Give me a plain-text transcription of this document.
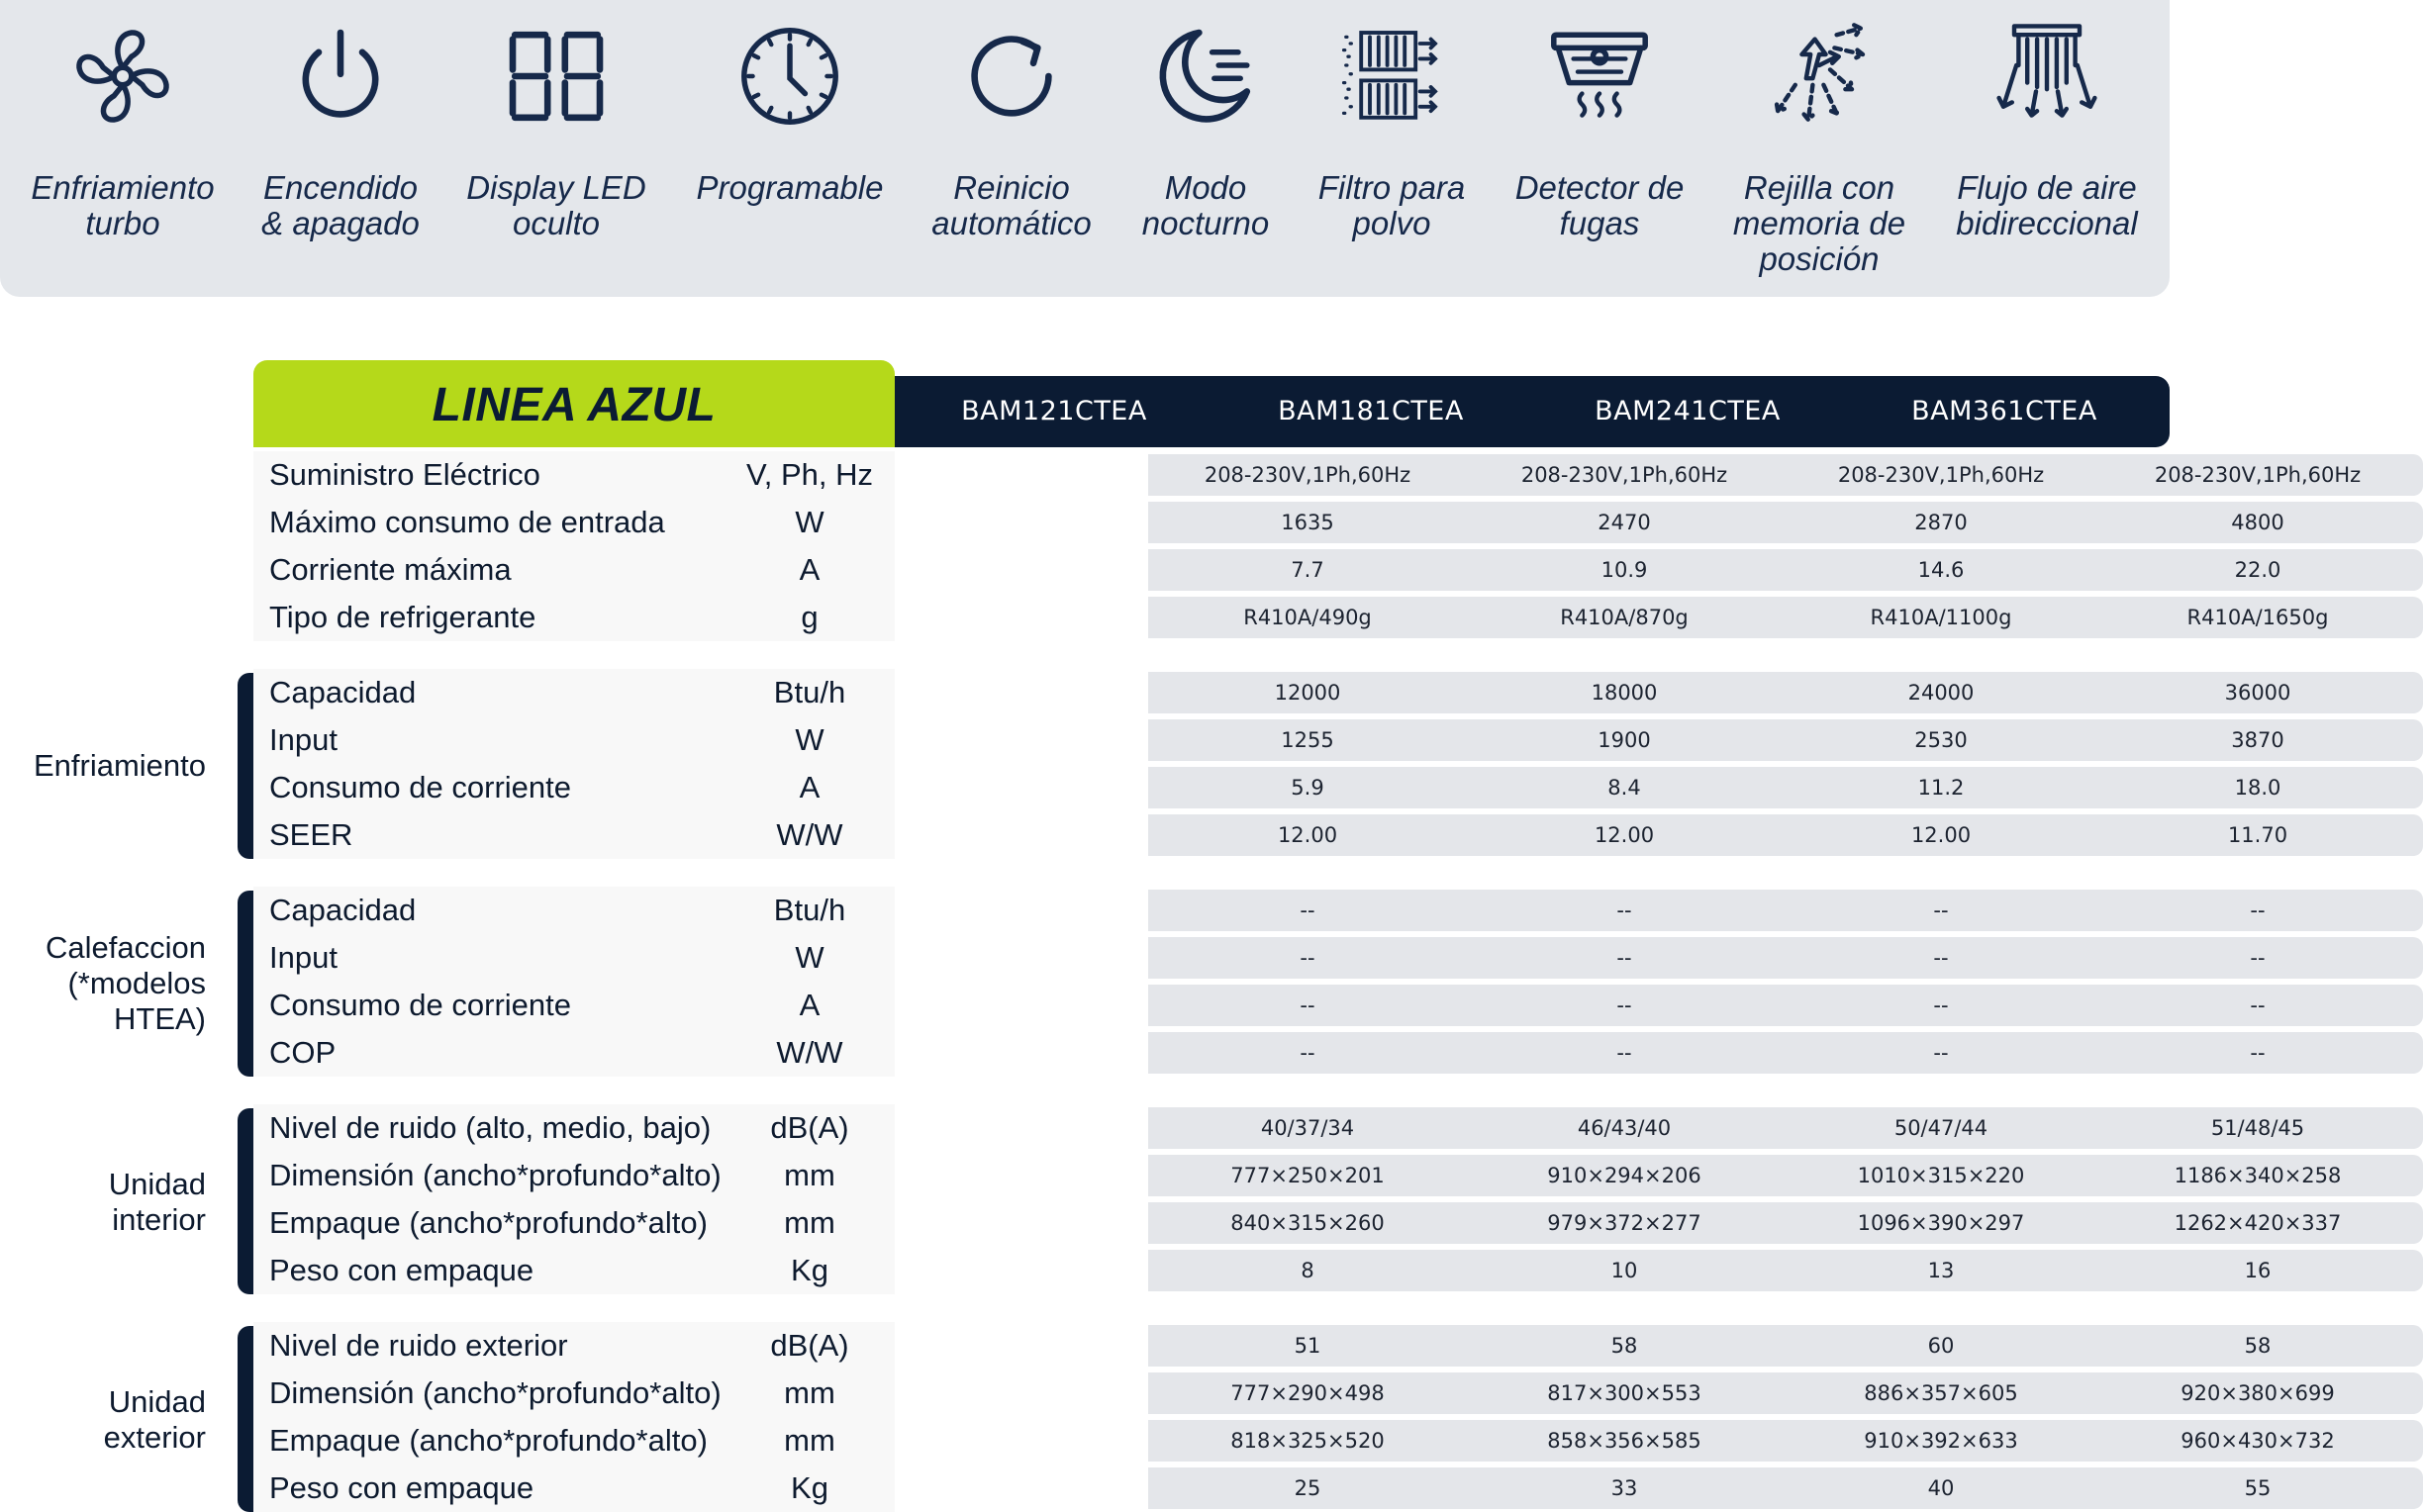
Enfriamiento
turbo
Encendido
& apagado
Display LED
oculto
Programable	Reinicio
automático
Modo
nocturno
Filtro para
polvo
Detector de
fugas
Rejilla con
memoria de
posición
Flujo de aire
bidireccional
LINEA AZUL	BAM121CTEA	BAM181CTEA	BAM241CTEA	BAM361CTEA
Enfriamiento
Calefaccion
(*modelos
HTEA)
Unidad
interior
Unidad
exterior
Suministro Eléctrico	V, Ph, Hz	208-230V,1Ph,60Hz	208-230V,1Ph,60Hz	208-230V,1Ph,60Hz	208-230V,1Ph,60Hz
Máximo consumo de entrada	W	1635	2470	2870	4800
Corriente máxima	A	7.7	10.9	14.6	22.0
Tipo de refrigerante	g	R410A/490g	R410A/870g	R410A/1100g	R410A/1650g
Capacidad	Btu/h	12000	18000	24000	36000
Input	W	1255	1900	2530	3870
Consumo de corriente	A	5.9	8.4	11.2	18.0
SEER	W/W	12.00	12.00	12.00	11.70
Capacidad	Btu/h	--	--	--	--
Input	W	--	--	--	--
Consumo de corriente	A	--	--	--	--
COP	W/W	--	--	--	--
Nivel de ruido (alto, medio, bajo)	dB(A)	40/37/34	46/43/40	50/47/44	51/48/45
Dimensión (ancho*profundo*alto)	mm	777×250×201	910×294×206	1010×315×220	1186×340×258
Empaque (ancho*profundo*alto)	mm	840×315×260	979×372×277	1096×390×297	1262×420×337
Peso con empaque	Kg	8	10	13	16
Nivel de ruido exterior	dB(A)	51	58	60	58
Dimensión (ancho*profundo*alto)	mm	777×290×498	817×300×553	886×357×605	920×380×699
Empaque (ancho*profundo*alto)	mm	818×325×520	858×356×585	910×392×633	960×430×732
Peso con empaque	Kg	25	33	40	55
